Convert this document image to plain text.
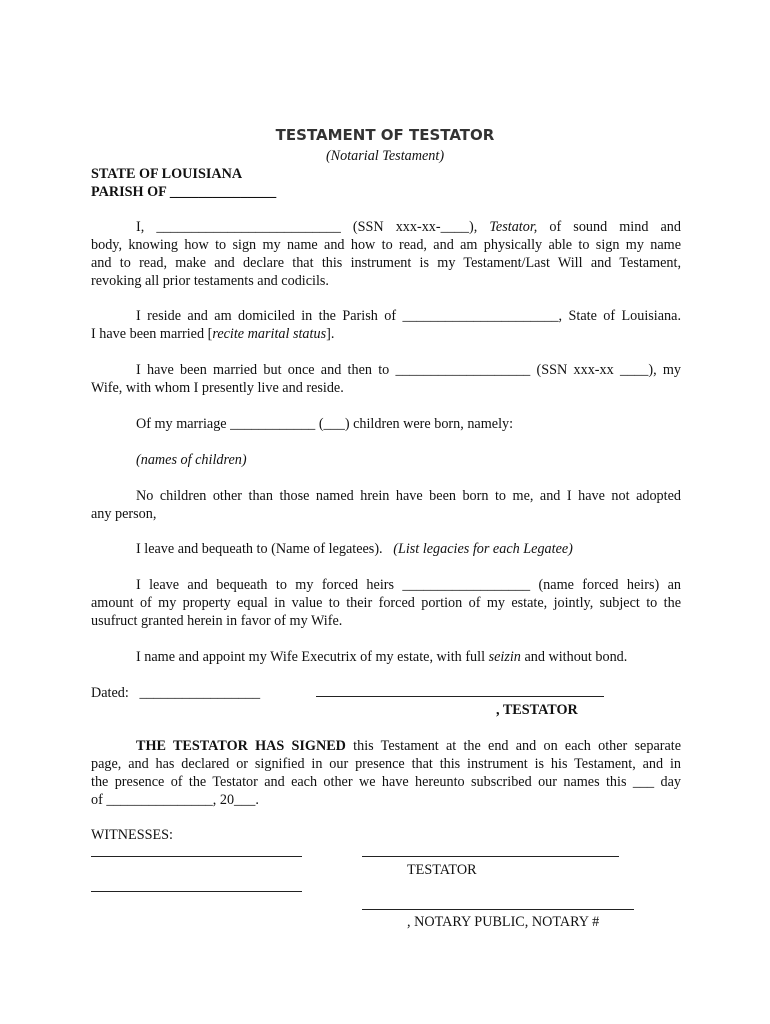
TESTAMENT OF TESTATOR
(Notarial Testament)
STATE OF LOUISIANA
PARISH OF _______________
I, __________________________ (SSN xxx-xx-____), Testator, of sound mind and
body, knowing how to sign my name and how to read, and am physically able to sign my name
and to read, make and declare that this instrument is my Testament/Last Will and Testament,
revoking all prior testaments and codicils.
I reside and am domiciled in the Parish of ______________________, State of Louisiana.
I have been married [recite marital status].
I have been married but once and then to ___________________ (SSN xxx-xx ____), my
Wife, with whom I presently live and reside.
Of my marriage ____________ (___) children were born, namely:
(names of children)
No children other than those named hrein have been born to me, and I have not adopted
any person,
I leave and bequeath to (Name of legatees). (List legacies for each Legatee)
I leave and bequeath to my forced heirs __________________ (name forced heirs) an
amount of my property equal in value to their forced portion of my estate, jointly, subject to the
usufruct granted herein in favor of my Wife.
I name and appoint my Wife Executrix of my estate, with full seizin and without bond.
Dated: _________________
, TESTATOR
THE TESTATOR HAS SIGNED this Testament at the end and on each other separate
page, and has declared or signified in our presence that this instrument is his Testament, and in
the presence of the Testator and each other we have hereunto subscribed our names this ___ day
of _______________, 20___.
WITNESSES:
TESTATOR
, NOTARY PUBLIC, NOTARY #
